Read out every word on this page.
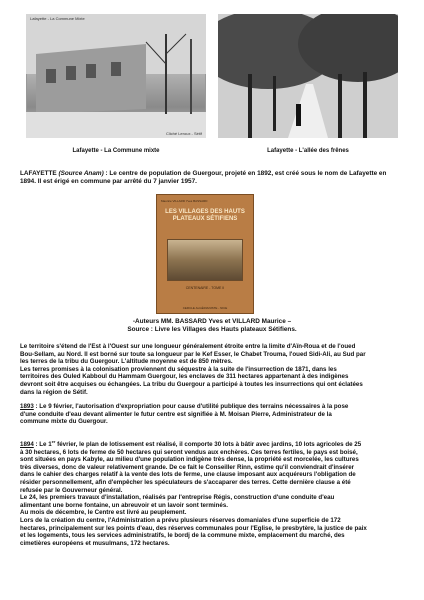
Lafayette - La Commune Mixte
Cliché Leroux - Sétif
Lafayette - La Commune mixte	Lafayette - L'allée des frênes

LAFAYETTE (Source Anam) : Le centre de population de Guergour, projeté en 1892, est créé sous le nom de Lafayette en 1894. Il est érigé en commune par arrêté du 7 janvier 1957.

Maurice VILLARD Yves BASSARD
LES VILLAGES DES HAUTS PLATEAUX SÉTIFIENS
CENTENAIRE - TOME II
CERCLE ALGÉRIANISTE - NICE

-Auteurs MM. BASSARD Yves et VILLARD Maurice –
Source : Livre les Villages des Hauts plateaux Sétifiens.

Le territoire s'étend de l'Est à l'Ouest sur une longueur généralement étroite entre la limite d'Aïn-Roua et de l'oued
Bou-Sellam, au Nord. Il est borné sur toute sa longueur par le Kef Esser, le Chabet Trouma, l'oued Sidi-Ali, au Sud par
les terres de la tribu du Guergour. L'altitude moyenne est de 850 mètres.
Les terres promises à la colonisation proviennent du séquestre à la suite de l'insurrection de 1871, dans les
territoires des Ouled Kabboul du Hammam Guergour, les enclaves de 311 hectares appartenant à des indigènes
devront soit être acquises ou échangées. La tribu du Guergour a participé à toutes les insurrections qui ont éclatées
dans la région de Sétif.

1893 : Le 9 février, l'autorisation d'expropriation pour cause d'utilité publique des terrains nécessaires à la pose
d'une conduite d'eau devant alimenter le futur centre est signifiée à M. Moisan Pierre, Administrateur de la
commune mixte du Guergour.

1894 : Le 1er février, le plan de lotissement est réalisé, il comporte 30 lots à bâtir avec jardins, 10 lots agricoles de 25
à 30 hectares, 6 lots de ferme de 50 hectares qui seront vendus aux enchères. Ces terres fertiles, le pays est boisé,
sont situées en pays Kabyle, au milieu d'une population indigène très dense, la propriété est morcelée, les cultures
très diverses, donc de valeur relativement grande. De ce fait le Conseiller Rinn, estime qu'il conviendrait d'insérer
dans le cahier des charges relatif à la vente des lots de ferme, une clause imposant aux acquéreurs l'obligation de
résider personnellement, afin d'empêcher les spéculateurs de s'accaparer des terres. Cette dernière clause a été
refusée par le Gouverneur général.
Le 24, les premiers travaux d'installation, réalisés par l'entreprise Régis, construction d'une conduite d'eau
alimentant une borne fontaine, un abreuvoir et un lavoir sont terminés.
Au mois de décembre, le Centre est livré au peuplement.
Lors de la création du centre, l'Administration a prévu plusieurs réserves domaniales d'une superficie de 172
hectares, principalement sur les points d'eau, des réserves communales pour l'Eglise, le presbytère, la justice de paix
et les logements, tous les services administratifs, le bordj de la commune mixte, emplacement du marché, des
cimetières européens et musulmans, 172 hectares.
